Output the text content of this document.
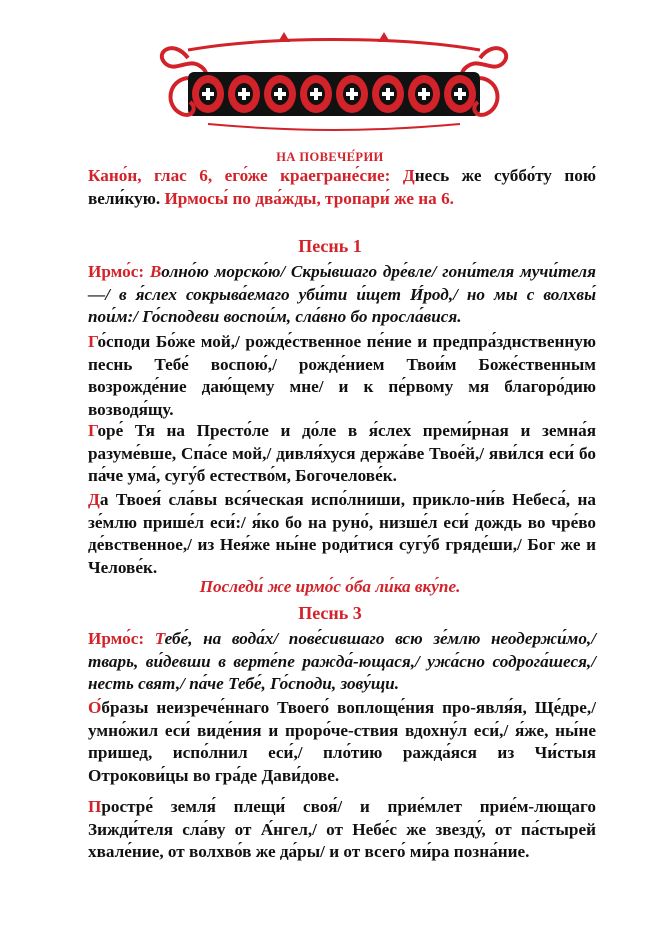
НА ПОВЕЧЕ́РИИ

Кано́н, глас 6, его́же краегране́сие: Днесь же суббо́ту пою́ вели́кую. Ирмосы́ по два́жды, тропари́ же на 6.

Песнь 1

Ирмо́с: Волно́ю морско́ю/ Скры́вшаго дре́вле/ гони́теля мучи́теля —/ в я́слех сокрыва́емаго уби́ти и́щет И́род,/ но мы с волхвы́ пои́м:/ Го́сподеви воспои́м, сла́вно бо просла́вися.

Го́споди Бо́же мой,/ рожде́ственное пе́ние и предпра́зднственную песнь Тебе́ воспою́,/ рожде́нием Твои́м Боже́ственным возрожде́ние даю́щему мне/ и к пе́рвому мя благоро́дию возводя́щу.

Горе́ Тя на Престо́ле и до́ле в я́слех преми́рная и земна́я разуме́вше, Спа́се мой,/ дивля́хуся держа́ве Твое́й,/ яви́лся еси́ бо па́че ума́, сугу́б естество́м, Богочелове́к.

Да Твоея́ сла́вы вся́ческая испо́лниши, прикло-ни́в Небеса́, на зе́млю прише́л еси́:/ я́ко бо на руно́, низше́л еси́ дождь во чре́во де́вственное,/ из Нея́же ны́не роди́тися сугу́б гряде́ши,/ Бог же и Челове́к.

Последи́ же ирмо́с о́ба ли́ка вку́пе.
Песнь 3

Ирмо́с: Тебе́, на вода́х/ пове́сившаго всю зе́млю неодержи́мо,/ тварь, ви́девши в верте́пе ражда́-ющася,/ ужа́сно содрога́шеся,/ несть свят,/ па́че Тебе́, Го́споди, зову́щи.

О́бразы неизрече́ннаго Твоего́ воплоще́ния про-явля́я, Ще́дре,/ умно́жил еси́ виде́ния и проро́че-ствия вдохну́л еси́,/ я́же, ны́не пришед, испо́лнил еси́,/ пло́тию ражда́яся из Чи́стыя Отрокови́цы во гра́де Дави́дове.

Простре́ земля́ плещи́ своя́/ и прие́млет прие́м-лющаго Зижди́теля сла́ву от А́нгел,/ от Небе́с же звезду́, от па́стырей хвале́ние, от волхво́в же да́ры/ и от всего́ ми́ра позна́ние.
